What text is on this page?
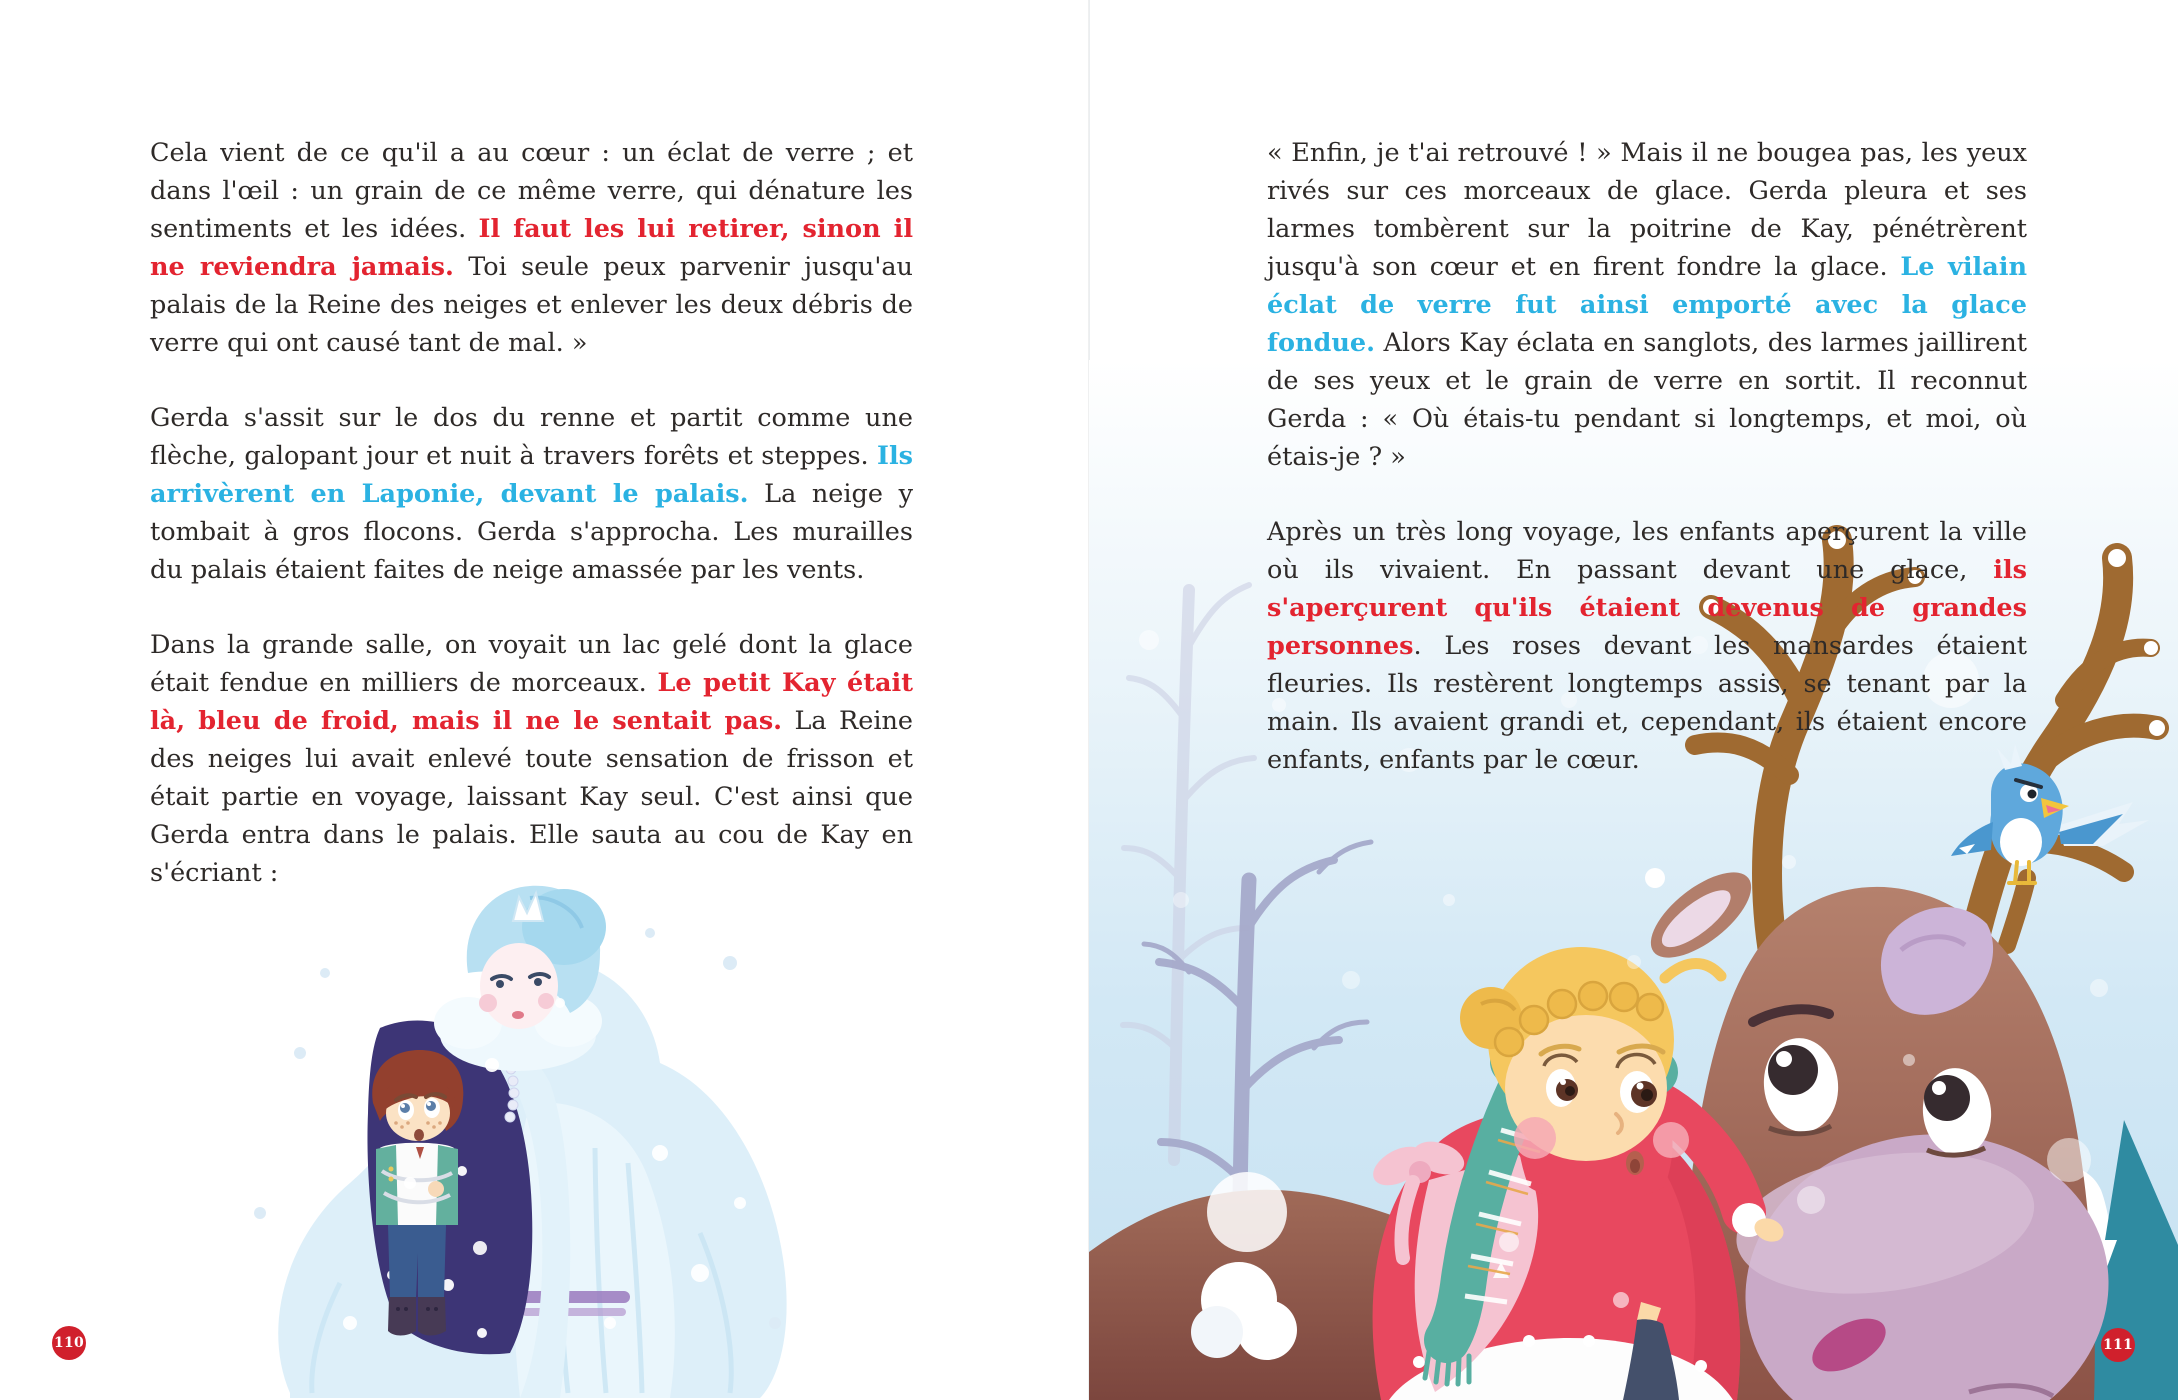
Cela vient de ce qu'il a au cœur : un éclat de verre ; et dans l'œil : un grain de ce même verre, qui dénature les sentiments et les idées. Il faut les lui retirer, sinon il ne reviendra jamais. Toi seule peux parvenir jusqu'au palais de la Reine des neiges et enlever les deux débris de verre qui ont causé tant de mal. »

Gerda s'assit sur le dos du renne et partit comme une flèche, galopant jour et nuit à travers forêts et steppes. Ils arrivèrent en Laponie, devant le palais. La neige y tombait à gros flocons. Gerda s'approcha. Les murailles du palais étaient faites de neige amassée par les vents.

Dans la grande salle, on voyait un lac gelé dont la glace était fendue en milliers de morceaux. Le petit Kay était là, bleu de froid, mais il ne le sentait pas. La Reine des neiges lui avait enlevé toute sensation de frisson et était partie en voyage, laissant Kay seul. C'est ainsi que Gerda entra dans le palais. Elle sauta au cou de Kay en s'écriant :

110

« Enfin, je t'ai retrouvé ! » Mais il ne bougea pas, les yeux rivés sur ces morceaux de glace. Gerda pleura et ses larmes tombèrent sur la poitrine de Kay, pénétrèrent jusqu'à son cœur et en firent fondre la glace. Le vilain éclat de verre fut ainsi emporté avec la glace fondue. Alors Kay éclata en sanglots, des larmes jaillirent de ses yeux et le grain de verre en sortit. Il reconnut Gerda : « Où étais-tu pendant si longtemps, et moi, où étais-je ? »

Après un très long voyage, les enfants aperçurent la ville où ils vivaient. En passant devant une glace, ils s'aperçurent qu'ils étaient devenus de grandes personnes. Les roses devant les mansardes étaient fleuries. Ils restèrent longtemps assis, se tenant par la main. Ils avaient grandi et, cependant, ils étaient encore enfants, enfants par le cœur.

111
